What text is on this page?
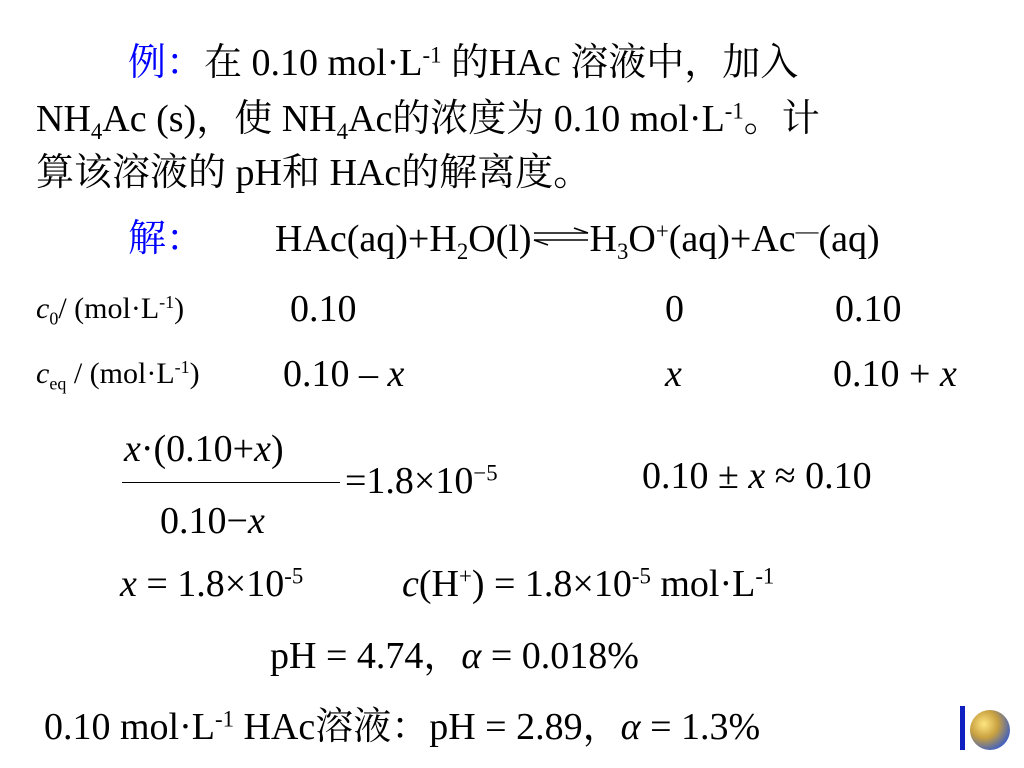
例：在 0.10 $mol\cdot L^{-1}$ 的HAc 溶液中，加入
$NH_4Ac$ (s)，使 $NH_4Ac$的浓度为 0.10 $mol\cdot L^{-1}$。计
算该溶液的 pH和 HAc的解离度。
解： $HAc(aq)+H_2O(l)\rightleftharpoons H_3O^+(aq)+Ac^—(aq)$
$c_0/$ $(mol\cdot L^{-1})$	0.10	0	0.10
$c_{eq} / (mol\cdot L^{-1})$ 0.10 – x	x	0.10 + x
x·(0.10+x)
0.10−x
$=1.8\times 10^{-5}$	0.10 ± x ≈ 0.10
$x = 1.8\times 10^{-5}$	$c(H^+) = 1.8\times 10^{-5}$ $mol\cdot L^{-1}$
pH = 4.74，α = 0.018%
0.10 $mol\cdot L^{-1}$ HAc溶液：pH = 2.89，α = 1.3%
